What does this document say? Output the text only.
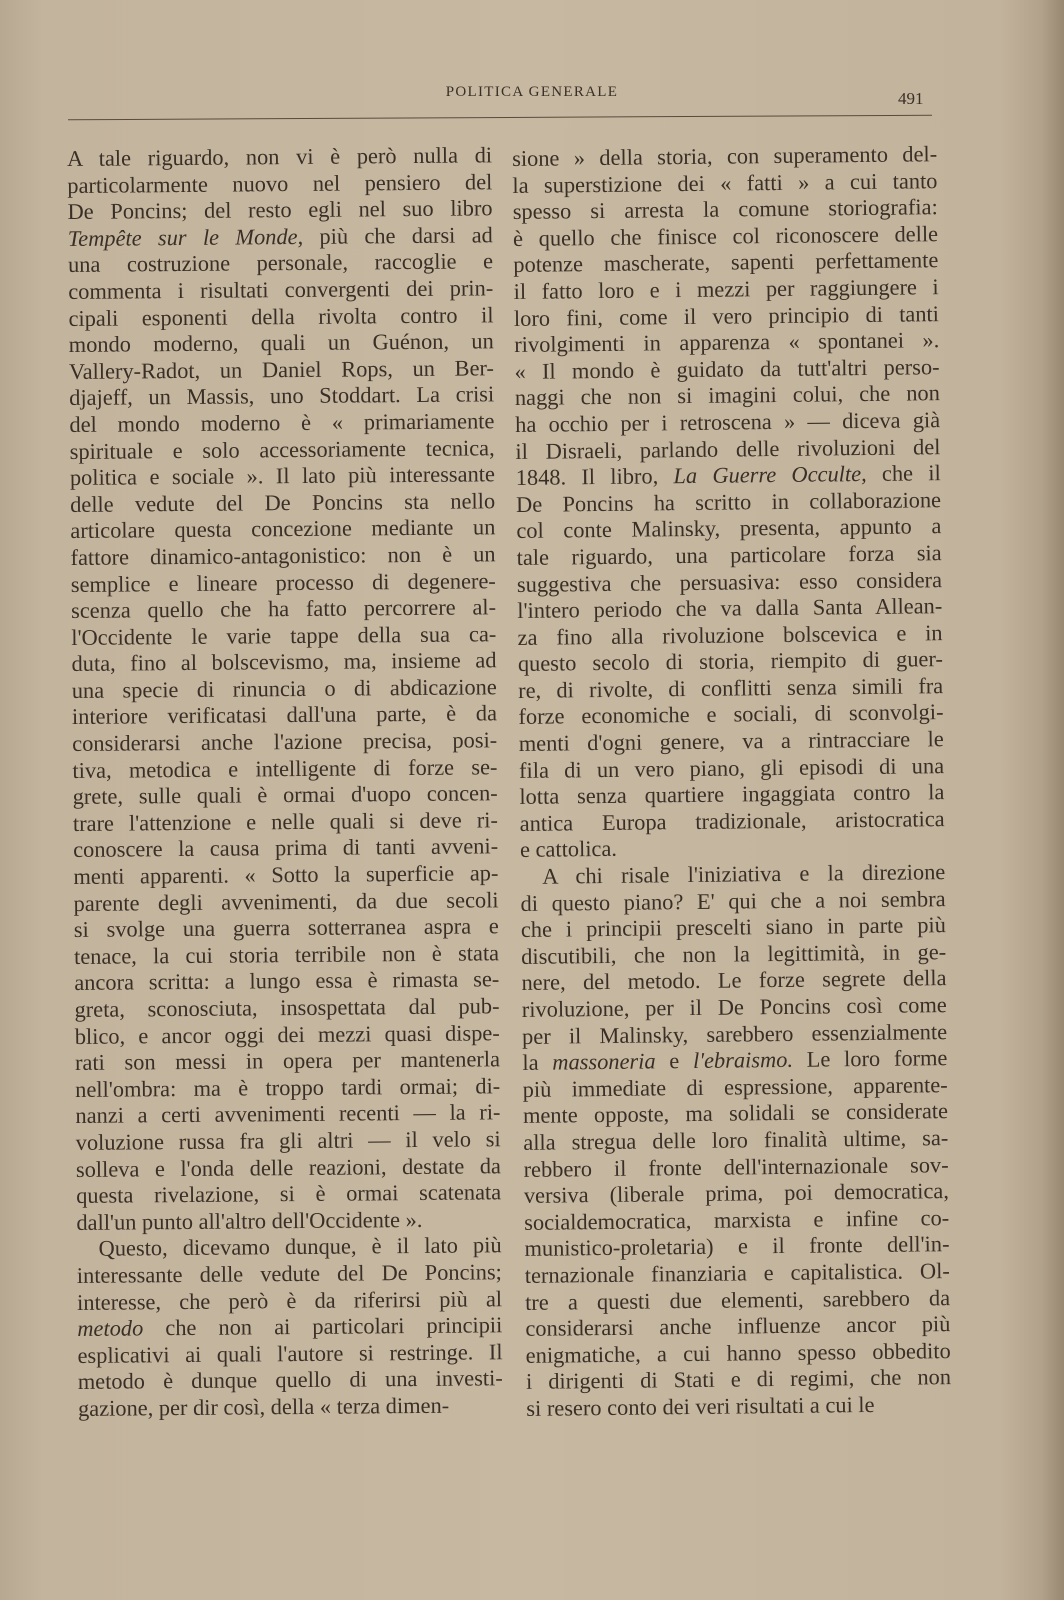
POLITICA GENERALE	491
A tale riguardo, non vi è però nulla di
particolarmente nuovo nel pensiero del
De Poncins; del resto egli nel suo libro
Tempête sur le Monde, più che darsi ad
una costruzione personale, raccoglie e
commenta i risultati convergenti dei prin-
cipali esponenti della rivolta contro il
mondo moderno, quali un Guénon, un
Vallery-Radot, un Daniel Rops, un Ber-
djajeff, un Massis, uno Stoddart. La crisi
del mondo moderno è « primariamente
spirituale e solo accessoriamente tecnica,
politica e sociale ». Il lato più interessante
delle vedute del De Poncins sta nello
articolare questa concezione mediante un
fattore dinamico-antagonistico: non è un
semplice e lineare processo di degenere-
scenza quello che ha fatto percorrere al-
l'Occidente le varie tappe della sua ca-
duta, fino al bolscevismo, ma, insieme ad
una specie di rinuncia o di abdicazione
interiore verificatasi dall'una parte, è da
considerarsi anche l'azione precisa, posi-
tiva, metodica e intelligente di forze se-
grete, sulle quali è ormai d'uopo concen-
trare l'attenzione e nelle quali si deve ri-
conoscere la causa prima di tanti avveni-
menti apparenti. « Sotto la superficie ap-
parente degli avvenimenti, da due secoli
si svolge una guerra sotterranea aspra e
tenace, la cui storia terribile non è stata
ancora scritta: a lungo essa è rimasta se-
greta, sconosciuta, insospettata dal pub-
blico, e ancor oggi dei mezzi quasi dispe-
rati son messi in opera per mantenerla
nell'ombra: ma è troppo tardi ormai; di-
nanzi a certi avvenimenti recenti — la ri-
voluzione russa fra gli altri — il velo si
solleva e l'onda delle reazioni, destate da
questa rivelazione, si è ormai scatenata
dall'un punto all'altro dell'Occidente ».
Questo, dicevamo dunque, è il lato più
interessante delle vedute del De Poncins;
interesse, che però è da riferirsi più al
metodo che non ai particolari principii
esplicativi ai quali l'autore si restringe. Il
metodo è dunque quello di una investi-
gazione, per dir così, della « terza dimen-
sione » della storia, con superamento del-
la superstizione dei « fatti » a cui tanto
spesso si arresta la comune storiografia:
è quello che finisce col riconoscere delle
potenze mascherate, sapenti perfettamente
il fatto loro e i mezzi per raggiungere i
loro fini, come il vero principio di tanti
rivolgimenti in apparenza « spontanei ».
« Il mondo è guidato da tutt'altri perso-
naggi che non si imagini colui, che non
ha occhio per i retroscena » — diceva già
il Disraeli, parlando delle rivoluzioni del
1848. Il libro, La Guerre Occulte, che il
De Poncins ha scritto in collaborazione
col conte Malinsky, presenta, appunto a
tale riguardo, una particolare forza sia
suggestiva che persuasiva: esso considera
l'intero periodo che va dalla Santa Allean-
za fino alla rivoluzione bolscevica e in
questo secolo di storia, riempito di guer-
re, di rivolte, di conflitti senza simili fra
forze economiche e sociali, di sconvolgi-
menti d'ogni genere, va a rintracciare le
fila di un vero piano, gli episodi di una
lotta senza quartiere ingaggiata contro la
antica Europa tradizionale, aristocratica
e cattolica.
A chi risale l'iniziativa e la direzione
di questo piano? E' qui che a noi sembra
che i principii prescelti siano in parte più
discutibili, che non la legittimità, in ge-
nere, del metodo. Le forze segrete della
rivoluzione, per il De Poncins così come
per il Malinsky, sarebbero essenzialmente
la massoneria e l'ebraismo. Le loro forme
più immediate di espressione, apparente-
mente opposte, ma solidali se considerate
alla stregua delle loro finalità ultime, sa-
rebbero il fronte dell'internazionale sov-
versiva (liberale prima, poi democratica,
socialdemocratica, marxista e infine co-
munistico-proletaria) e il fronte dell'in-
ternazionale finanziaria e capitalistica. Ol-
tre a questi due elementi, sarebbero da
considerarsi anche influenze ancor più
enigmatiche, a cui hanno spesso obbedito
i dirigenti di Stati e di regimi, che non
si resero conto dei veri risultati a cui le
